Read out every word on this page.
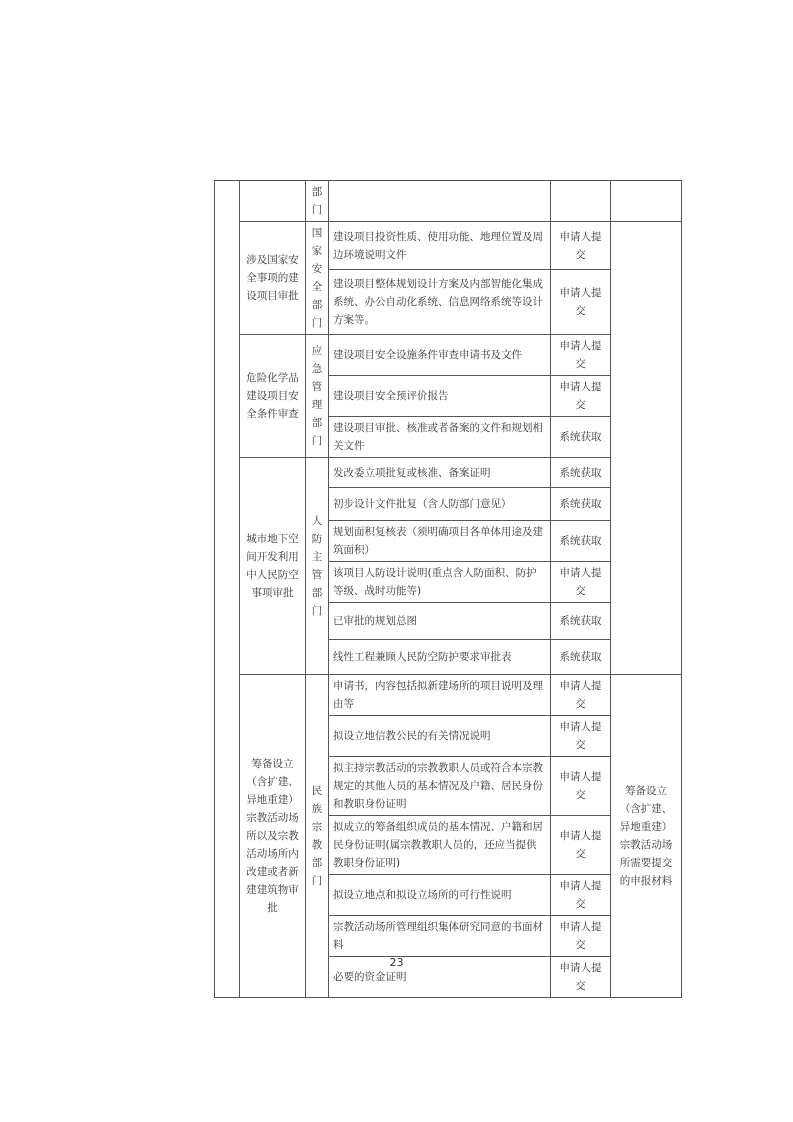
		部门			
	涉及国家安全事项的建设项目审批	国家安全部门	建设项目投资性质、使用功能、地理位置及周边环境说明文件	申请人提交	
			建设项目整体规划设计方案及内部智能化集成系统、办公自动化系统、信息网络系统等设计方案等。	申请人提交	
	危险化学品建设项目安全条件审查	应急管理部门	建设项目安全设施条件审查申请书及文件	申请人提交	
			建设项目安全预评价报告	申请人提交	
			建设项目审批、核准或者备案的文件和规划相关文件	系统获取	
	城市地下空间开发利用中人民防空事项审批	人防主管部门	发改委立项批复或核准、备案证明	系统获取	
			初步设计文件批复（含人防部门意见）	系统获取	
			规划面积复核表（须明确项目各单体用途及建筑面积）	系统获取	
			该项目人防设计说明(重点含人防面积、防护等级、战时功能等)	申请人提交	
			已审批的规划总图	系统获取	
			线性工程兼顾人民防空防护要求审批表	系统获取	
	筹备设立（含扩建、异地重建）宗教活动场所以及宗教活动场所内改建或者新建建筑物审批	民族宗教部门	申请书，内容包括拟新建场所的项目说明及理由等	申请人提交	筹备设立（含扩建、异地重建）宗教活动场所需要提交的申报材料
			拟设立地信教公民的有关情况说明	申请人提交	
			拟主持宗教活动的宗教教职人员或符合本宗教规定的其他人员的基本情况及户籍、居民身份和教职身份证明	申请人提交	
			拟成立的筹备组织成员的基本情况、户籍和居民身份证明(属宗教教职人员的，还应当提供教职身份证明)	申请人提交	
			拟设立地点和拟设立场所的可行性说明	申请人提交	
			宗教活动场所管理组织集体研究同意的书面材料	申请人提交	
			必要的资金证明	申请人提交	
23
